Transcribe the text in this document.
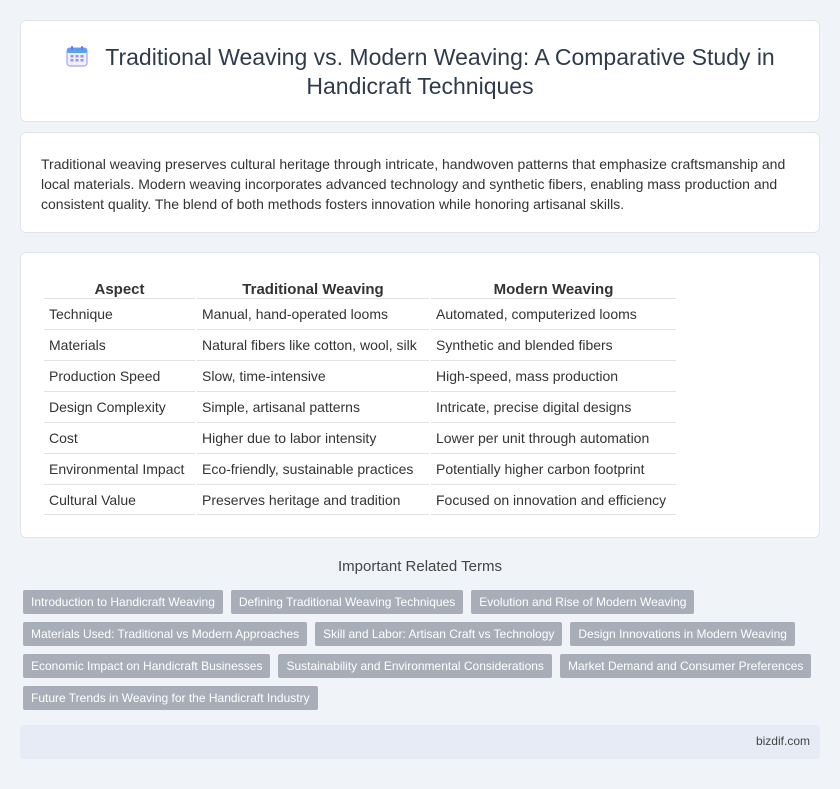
Traditional Weaving vs. Modern Weaving: A Comparative Study in Handicraft Techniques

Traditional weaving preserves cultural heritage through intricate, handwoven patterns that emphasize craftsmanship and local materials. Modern weaving incorporates advanced technology and synthetic fibers, enabling mass production and consistent quality. The blend of both methods fosters innovation while honoring artisanal skills.

Aspect	Traditional Weaving	Modern Weaving
Technique	Manual, hand-operated looms	Automated, computerized looms
Materials	Natural fibers like cotton, wool, silk	Synthetic and blended fibers
Production Speed	Slow, time-intensive	High-speed, mass production
Design Complexity	Simple, artisanal patterns	Intricate, precise digital designs
Cost	Higher due to labor intensity	Lower per unit through automation
Environmental Impact	Eco-friendly, sustainable practices	Potentially higher carbon footprint
Cultural Value	Preserves heritage and tradition	Focused on innovation and efficiency
Important Related Terms
Introduction to Handicraft Weaving	Defining Traditional Weaving Techniques	Evolution and Rise of Modern Weaving
Materials Used: Traditional vs Modern Approaches	Skill and Labor: Artisan Craft vs Technology	Design Innovations in Modern Weaving
Economic Impact on Handicraft Businesses	Sustainability and Environmental Considerations	Market Demand and Consumer Preferences
Future Trends in Weaving for the Handicraft Industry
bizdif.com
